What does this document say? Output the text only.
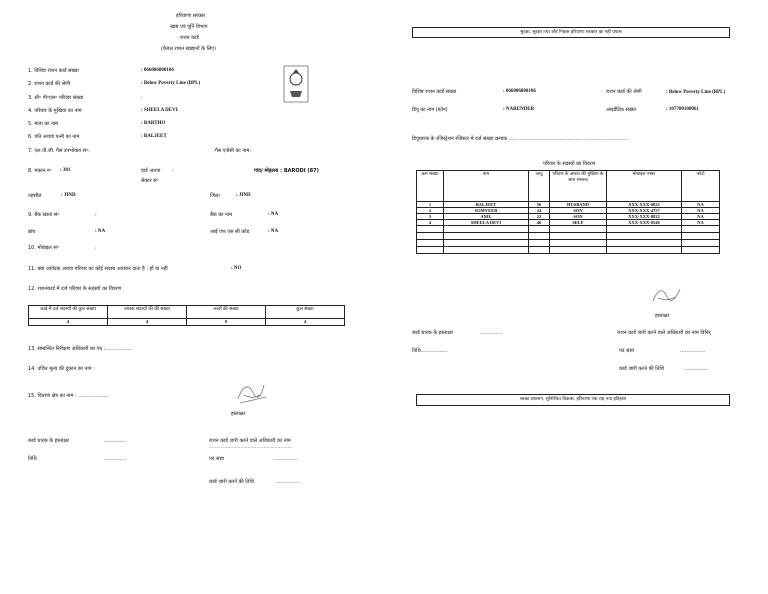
हरियाणा सरकार
खाद्य एवं पूर्ति विभाग
राशन कार्ड
(केवल राशन खाद्यानों के लिए)
1. विशिष्ट राशन कार्ड संख्या	: 066006800106
2. राशन कार्ड की श्रेणी	: Below Poverty Line (BPL)
3. सी॰ पी॰एस॰ परिवार संख्या	:
4. परिवार के मुखिया का नाम	: SHEELA DEVI
5. माता का नाम	: BARTHO
6. पति अथवा पत्नी का नाम	: BALJEET
7. एल.पी.जी. गैस उपभोक्ता सं॰:	गैस एजेंसी का नाम:
8. मकान न॰ : 381	वार्ड अथवा :	गांव/ मोहल्ला : BARODI (87)
सेक्टर सं॰
तहसील	: JIND	जिला	: JIND
9. बैंक खाता सं॰	:	बैंक का नाम	: NA
ब्रांच	: NA	आई एफ एस सी कोड	: NA
10. मोबाइल सं॰	:
11. क्या आवेदक अथवा परिवार का कोई सदस्य आयकर दाता है : हाँ या नहीं	: NO
12. राशनकार्ड में दर्ज परिवार के सदस्यों का विवरण
कार्ड में दर्ज सदस्यों की कुल संख्या	वयस्क सदस्यों की की संख्या	बच्चों की संख्या	कुल संख्या
4	4	0	4
13. सम्बन्धित निरीक्षण अधिकारी का पद :.................
14. उचित मूल्य की दुकान का नाम :
15. वितरण क्षेत्र का नाम : ...................
हस्ताक्षर
कार्ड धारक के हस्ताक्षर	..............	राशन कार्ड जारी करने वाले अधिकारी का नाम
..........................................................
तिथि	..............	पद संज्ञा	...............
कार्ड जारी करने की तिथि	...............
सुरक्षा, सुरक्षा तथा और निवास हरियाणा सरकार का नहीं प्रयास
विशिष्ट राशन कार्ड संख्या	: 066006800106	राशन कार्ड की श्रेणी	: Below Poverty Line (BPL)
डिपू का नाम (फ़ोन)	: NARENDER	आइडेंटिफ़ संख्या	: 107700100061
डिपूधारक के रजिस्ट्रेशन रजिस्टर में दर्ज संख्या क्रमांक ...........................................................................
परिवार के सदस्यों का विवरण
क्रम संख्या	नाम	आयु	परिवार के अथवा की मुखिया के साथ सम्बन्ध	मोबाइल नम्बर	फोटो
1	BALJEET	56	HUSBAND	XXX-XXX-0822	NA
2	SOMVEER	24	SON	XXX-XXX-4757	NA
3	ANIL	22	SON	XXX-XXX-0822	NA
4	SHEELA DEVI	46	SELF	XXX-XXX-0546	NA

हस्ताक्षर
कार्ड धारक के हस्ताक्षर	..............	राशन कार्ड जारी करने वाले अधिकारी का नाम विनिर्
तिथि.................	पद संज्ञा	................
कार्ड जारी करने की तिथि	................
स्वच्छ प्रशासन, सुनिश्चित विकास, हरियाणा एक राह नया इतिहास
